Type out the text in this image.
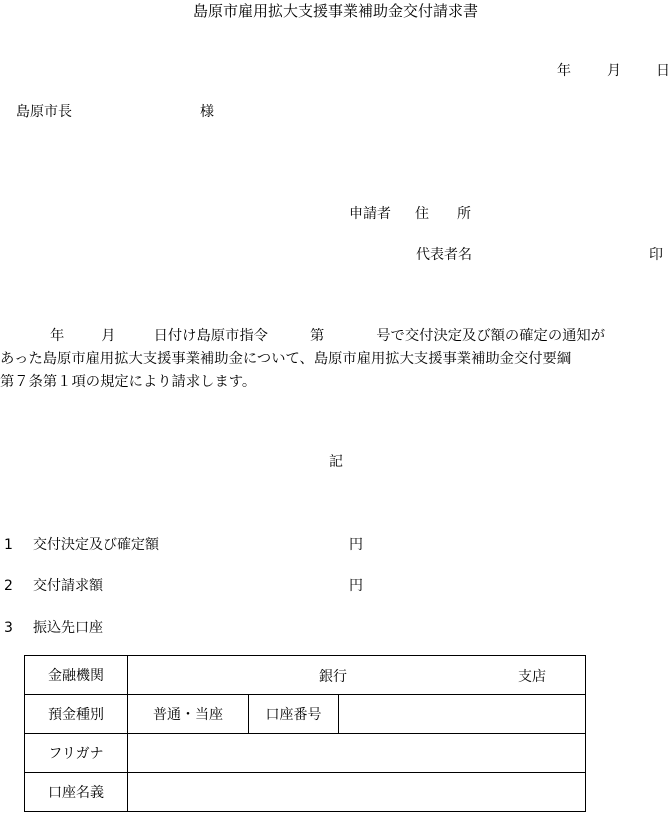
島原市雇用拡大支援事業補助金交付請求書
年	月	日
島原市長	様
申請者 住　　所
代表者名	印
年	月	日付け島原市指令	第	号で交付決定及び額の確定の通知が
あった島原市雇用拡大支援事業補助金について、島原市雇用拡大支援事業補助金交付要綱
第７条第１項の規定により請求します。
記
1 交付決定及び確定額	円
2 交付請求額	円
3 振込先口座
金融機関	銀行 支店		

預金種別	普通・当座	口座番号	
フリガナ			
口座名義			
